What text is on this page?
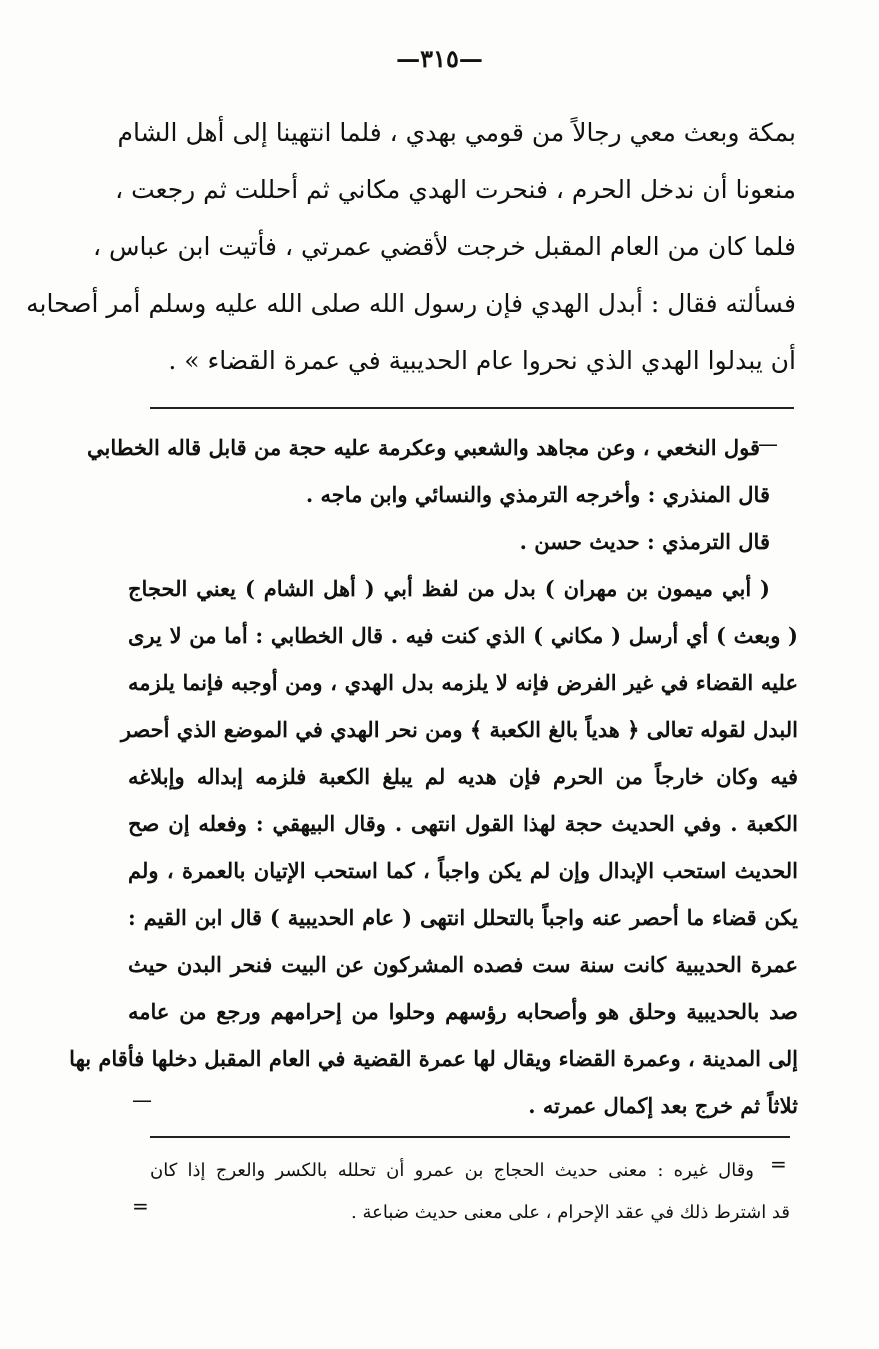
—٣١٥—
بمكة وبعث معي رجالاً من قومي بهدي ، فلما انتهينا إلى أهل الشام
منعونا أن ندخل الحرم ، فنحرت الهدي مكاني ثم أحللت ثم رجعت ،
فلما كان من العام المقبل خرجت لأقضي عمرتي ، فأتيت ابن عباس ،
فسألته فقال : أبدل الهدي فإن رسول الله صلى الله عليه وسلم أمر أصحابه
أن يبدلوا الهدي الذي نحروا عام الحديبية في عمرة القضاء » .
—
قول النخعي ، وعن مجاهد والشعبي وعكرمة عليه حجة من قابل قاله الخطابي
قال المنذري : وأخرجه الترمذي والنسائي وابن ماجه .
قال الترمذي : حديث حسن .
( أبي ميمون بن مهران ) بدل من لفظ أبي ( أهل الشام ) يعني الحجاج
( وبعث ) أي أرسل ( مكاني ) الذي كنت فيه . قال الخطابي : أما من لا يرى
عليه القضاء في غير الفرض فإنه لا يلزمه بدل الهدي ، ومن أوجبه فإنما يلزمه
البدل لقوله تعالى ﴿ هدياً بالغ الكعبة ﴾ ومن نحر الهدي في الموضع الذي أحصر
فيه وكان خارجاً من الحرم فإن هديه لم يبلغ الكعبة فلزمه إبداله وإبلاغه
الكعبة . وفي الحديث حجة لهذا القول انتهى . وقال البيهقي : وفعله إن صح
الحديث استحب الإبدال وإن لم يكن واجباً ، كما استحب الإتيان بالعمرة ، ولم
يكن قضاء ما أحصر عنه واجباً بالتحلل انتهى ( عام الحديبية ) قال ابن القيم :
عمرة الحديبية كانت سنة ست فصده المشركون عن البيت فنحر البدن حيث
صد بالحديبية وحلق هو وأصحابه رؤسهم وحلوا من إحرامهم ورجع من عامه
إلى المدينة ، وعمرة القضاء ويقال لها عمرة القضية في العام المقبل دخلها فأقام بها
ثلاثاً ثم خرج بعد إكمال عمرته .
—
=
وقال غيره : معنى حديث الحجاج بن عمرو أن تحلله بالكسر والعرج إذا كان
قد اشترط ذلك في عقد الإحرام ، على معنى حديث ضباعة .
=
